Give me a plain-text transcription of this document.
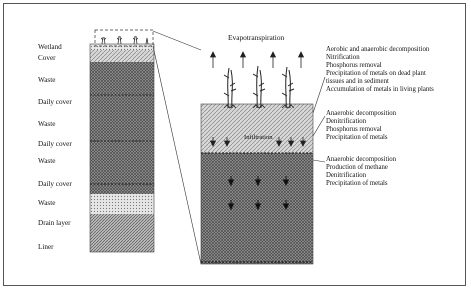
Wetland
Cover
Waste
Daily cover
Waste
Daily cover
Waste
Daily cover
Waste
Drain layer
Liner
Evapotranspiration
Infiltration
Aerobic and anaerobic decomposition
Nitrification
Phosphorus removal
Precipitation of metals on dead plant
tissues and in sediment
Accumulation of metals in living plants
Anaerobic decomposition
Denitrification
Phosphorus removal
Precipitation of metals
Anaerobic decomposition
Production of methane
Denitrification
Precipitation of metals
